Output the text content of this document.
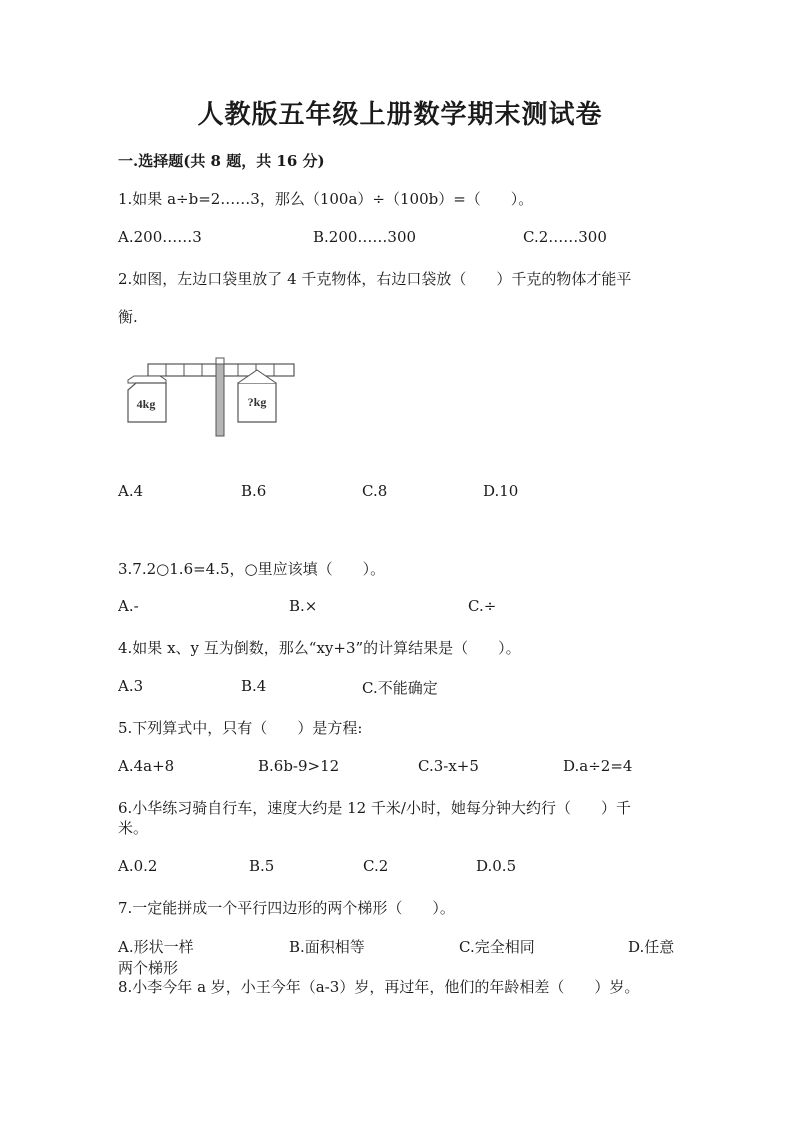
人教版五年级上册数学期末测试卷
一.选择题(共 8 题，共 16 分)
1.如果 a÷b=2……3，那么（100a）÷（100b）=（　　）。
A.200……3	B.200……300	C.2……300
2.如图，左边口袋里放了 4 千克物体，右边口袋放（　　）千克的物体才能平
衡.
4kg	?kg
A.4	B.6	C.8	D.10
3.7.2○1.6=4.5，○里应该填（　　）。
A.-	B.×	C.÷
4.如果 x、y 互为倒数，那么“xy+3”的计算结果是（　　）。
A.3	B.4	C.不能确定
5.下列算式中，只有（　　）是方程:
A.4a+8	B.6b-9>12	C.3-x+5	D.a÷2=4
6.小华练习骑自行车，速度大约是 12 千米/小时，她每分钟大约行（　　）千
米。
A.0.2	B.5	C.2	D.0.5
7.一定能拼成一个平行四边形的两个梯形（　　）。
A.形状一样	B.面积相等	C.完全相同	D.任意
两个梯形
8.小李今年 a 岁，小王今年（a-3）岁，再过年，他们的年龄相差（　　）岁。
